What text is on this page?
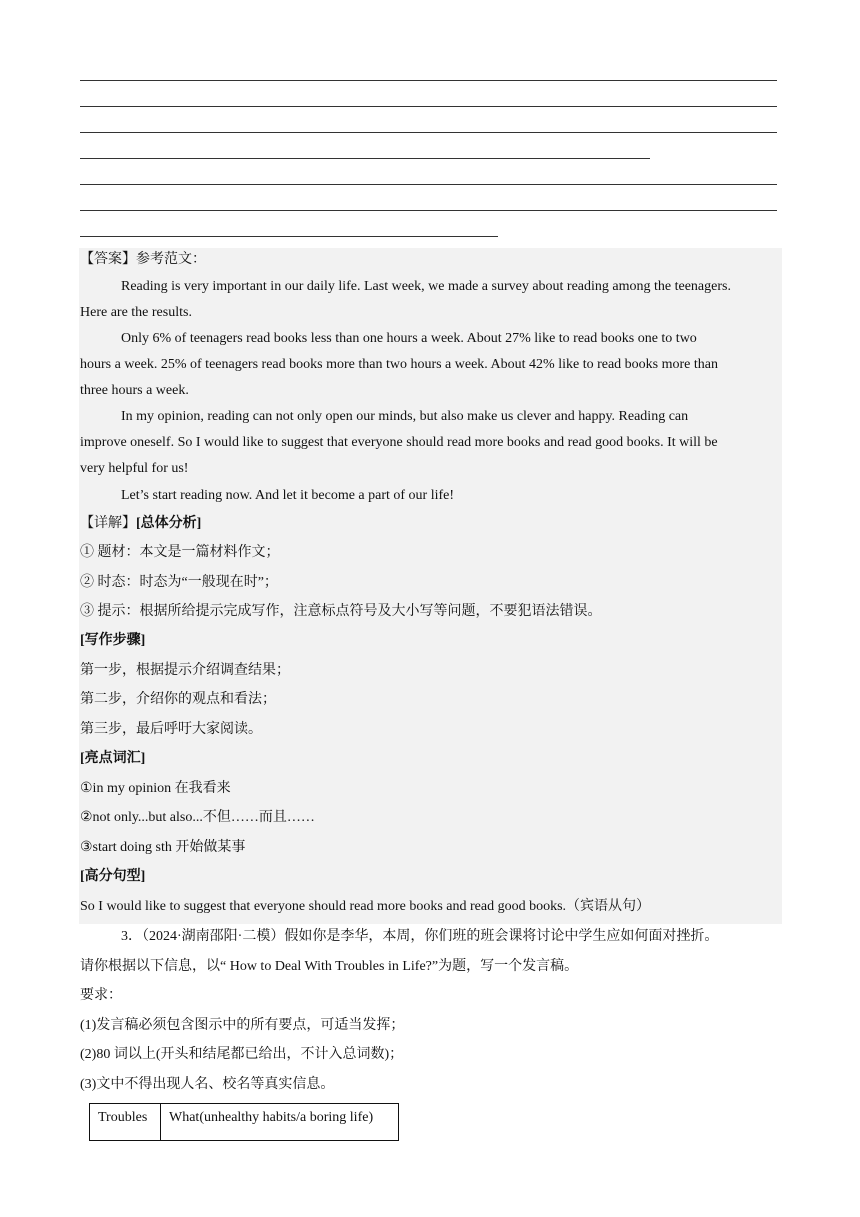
【答案】参考范文：
Reading is very important in our daily life. Last week, we made a survey about reading among the teenagers.
Here are the results.
Only 6% of teenagers read books less than one hours a week. About 27% like to read books one to two
hours a week. 25% of teenagers read books more than two hours a week. About 42% like to read books more than
three hours a week.
In my opinion, reading can not only open our minds, but also make us clever and happy. Reading can
improve oneself. So I would like to suggest that everyone should read more books and read good books. It will be
very helpful for us!
Let’s start reading now. And let it become a part of our life!
【详解】[总体分析]
① 题材：本文是一篇材料作文；
② 时态：时态为“一般现在时”；
③ 提示：根据所给提示完成写作，注意标点符号及大小写等问题，不要犯语法错误。
[写作步骤]
第一步，根据提示介绍调查结果；
第二步，介绍你的观点和看法；
第三步，最后呼吁大家阅读。
[亮点词汇]
①in my opinion 在我看来
②not only...but also...不但……而且……
③start doing sth 开始做某事
[高分句型]
So I would like to suggest that everyone should read more books and read good books.（宾语从句）
3．（2024·湖南邵阳·二模）假如你是李华，本周，你们班的班会课将讨论中学生应如何面对挫折。
请你根据以下信息，以“ How to Deal With Troubles in Life?”为题，写一个发言稿。
要求：
(1)发言稿必须包含图示中的所有要点，可适当发挥；
(2)80 词以上(开头和结尾都已给出，不计入总词数)；
(3)文中不得出现人名、校名等真实信息。
Troubles	What(unhealthy habits/a boring life)
